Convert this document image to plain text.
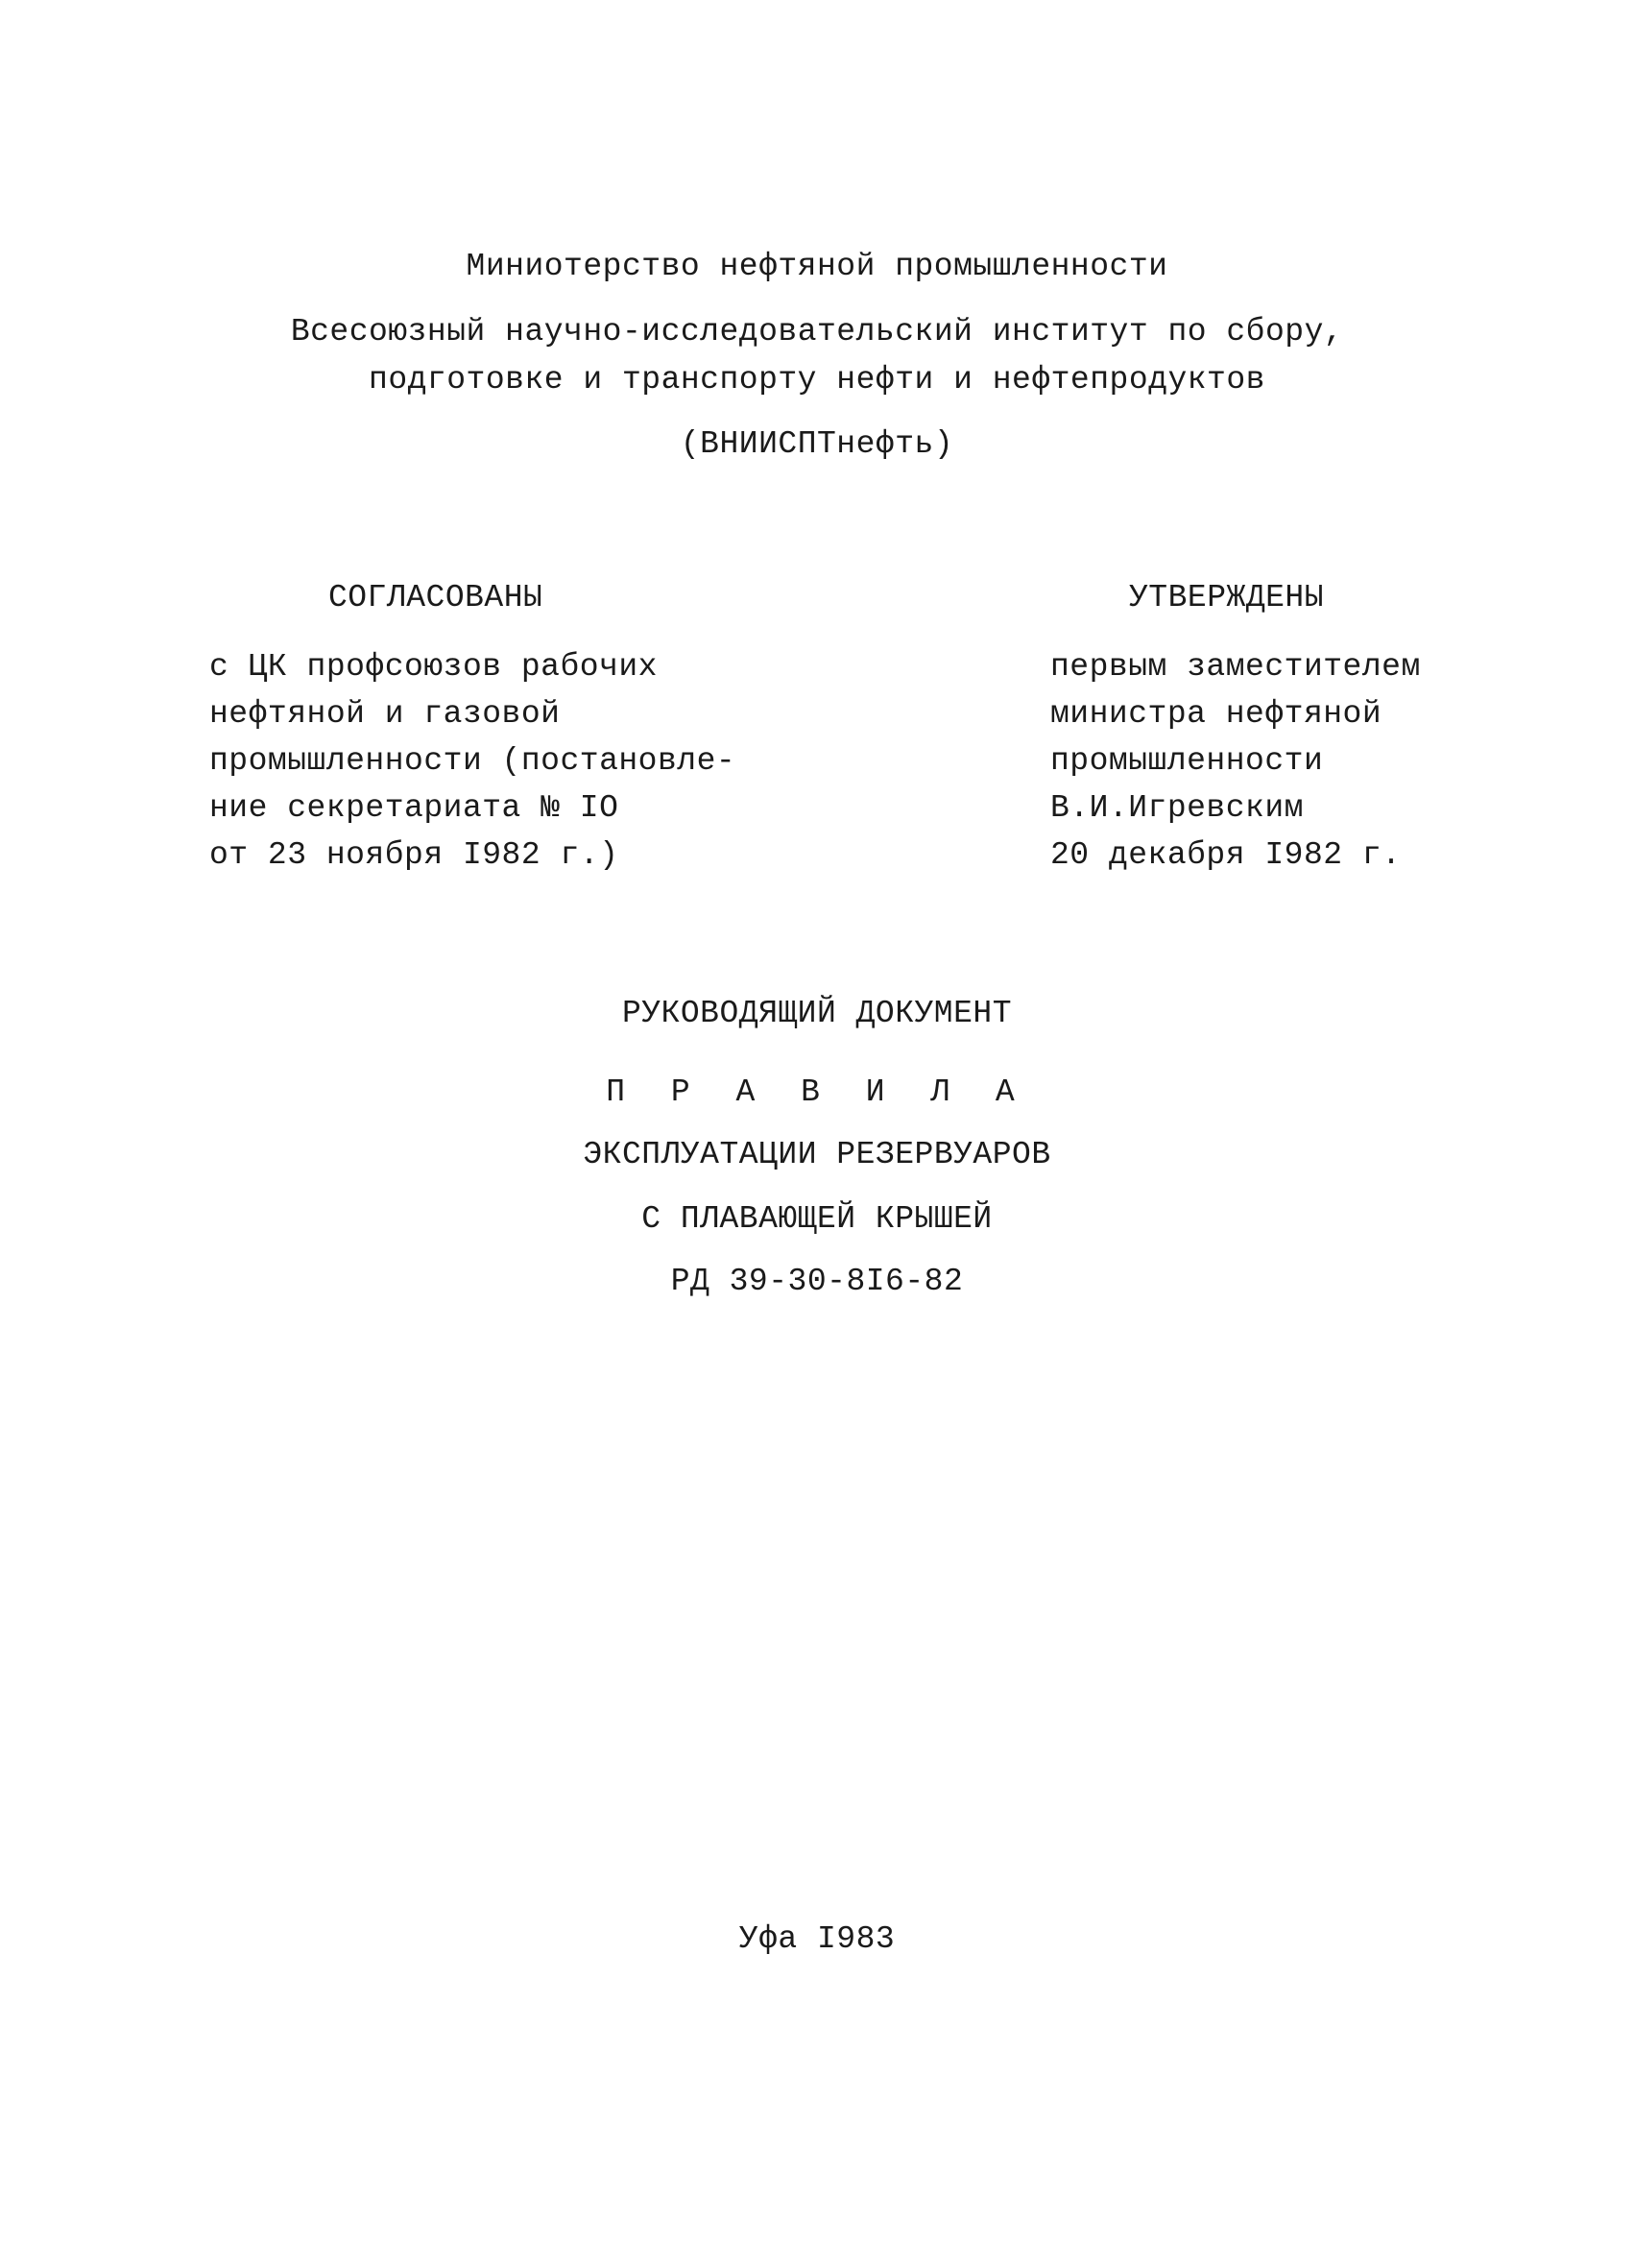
Миниотерство нефтяной промышленности
Всесоюзный научно-исследовательский институт по сбору,
подготовке и транспорту нефти и нефтепродуктов
(ВНИИСПТнефть)
СОГЛАСОВАНЫ
с ЦК профсоюзов рабочих
нефтяной и газовой
промышленности (постановле-
ние секретариата № IO
от 23 ноября I982 г.)
УТВЕРЖДЕНЫ
первым заместителем
министра нефтяной
промышленности
В.И.Игревским
20 декабря I982 г.
РУКОВОДЯЩИЙ ДОКУМЕНТ
П Р А В И Л А
ЭКСПЛУАТАЦИИ РЕЗЕРВУАРОВ
С ПЛАВАЮЩЕЙ КРЫШЕЙ
РД 39-30-8I6-82
Уфа I983
